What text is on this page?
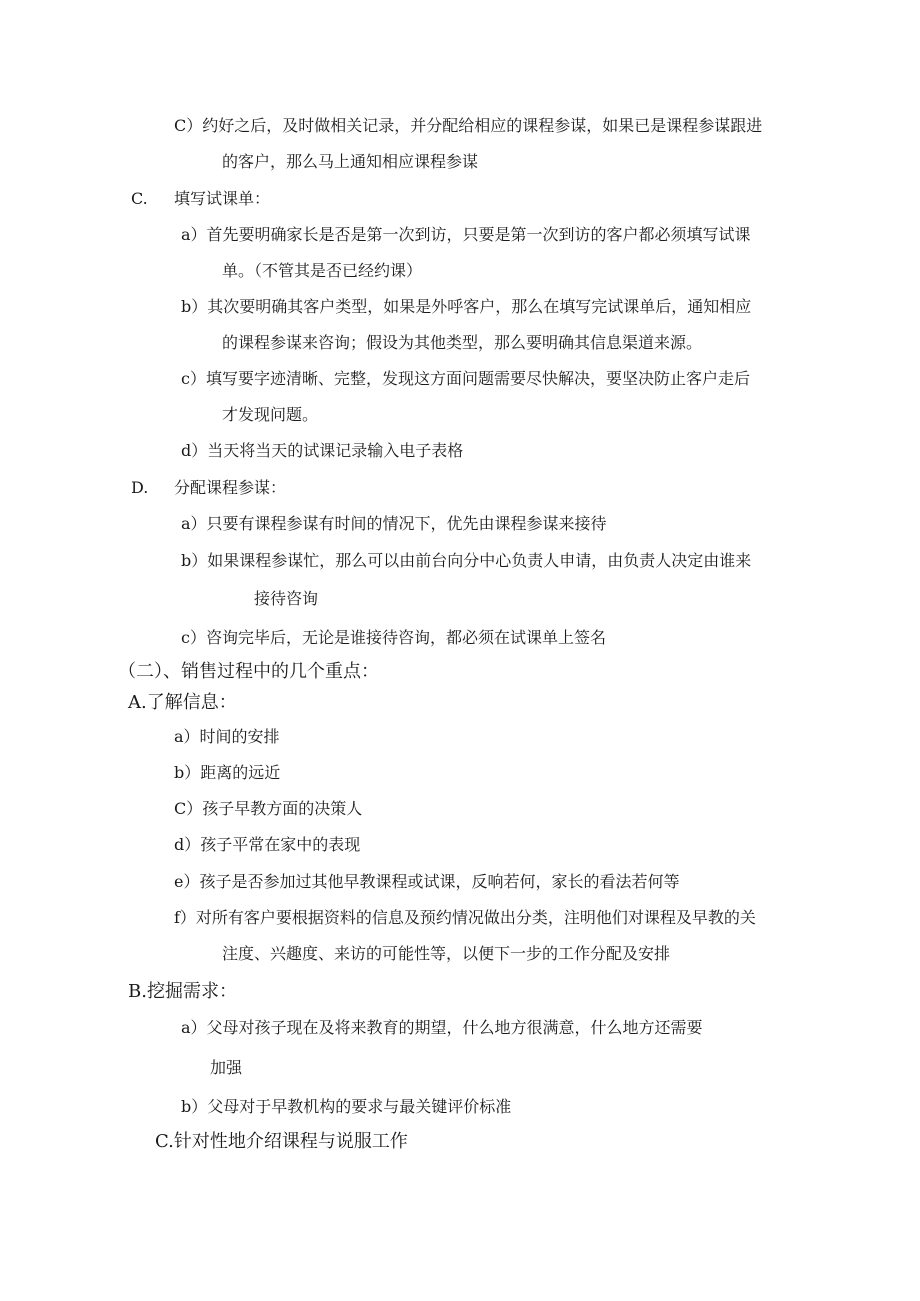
C）约好之后，及时做相关记录，并分配给相应的课程参谋，如果已是课程参谋跟进
的客户，那么马上通知相应课程参谋
C. 填写试课单：
a）首先要明确家长是否是第一次到访，只要是第一次到访的客户都必须填写试课
单。（不管其是否已经约课）
b）其次要明确其客户类型，如果是外呼客户，那么在填写完试课单后，通知相应
的课程参谋来咨询；假设为其他类型，那么要明确其信息渠道来源。
c）填写要字迹清晰、完整，发现这方面问题需要尽快解决，要坚决防止客户走后
才发现问题。
d）当天将当天的试课记录输入电子表格
D. 分配课程参谋：
a）只要有课程参谋有时间的情况下，优先由课程参谋来接待
b）如果课程参谋忙，那么可以由前台向分中心负责人申请，由负责人决定由谁来
接待咨询
c）咨询完毕后，无论是谁接待咨询，都必须在试课单上签名
（二）、销售过程中的几个重点：
A.了解信息：
a）时间的安排
b）距离的远近
C）孩子早教方面的决策人
d）孩子平常在家中的表现
e）孩子是否参加过其他早教课程或试课，反响若何，家长的看法若何等
f）对所有客户要根据资料的信息及预约情况做出分类，注明他们对课程及早教的关
注度、兴趣度、来访的可能性等，以便下一步的工作分配及安排
B.挖掘需求：
a）父母对孩子现在及将来教育的期望，什么地方很满意，什么地方还需要
加强
b）父母对于早教机构的要求与最关键评价标准
C.针对性地介绍课程与说服工作
